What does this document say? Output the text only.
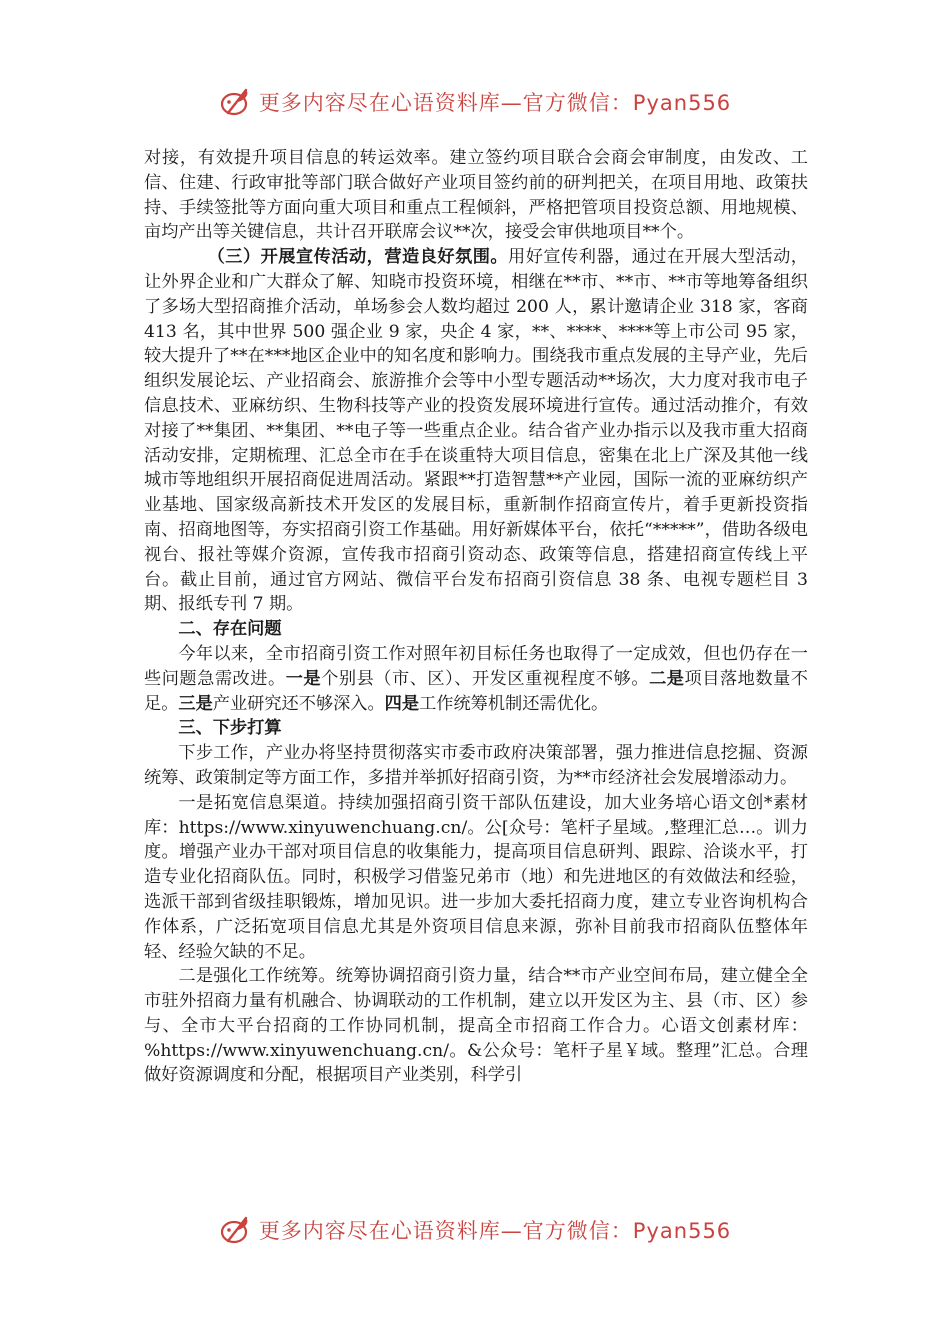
更多内容尽在心语资料库—官方微信：Pyan556

对接，有效提升项目信息的转运效率。建立签约项目联合会商会审制度，由发改、工信、住建、行政审批等部门联合做好产业项目签约前的研判把关，在项目用地、政策扶持、手续签批等方面向重大项目和重点工程倾斜，严格把管项目投资总额、用地规模、亩均产出等关键信息，共计召开联席会议**次，接受会审供地项目**个。

（三）开展宣传活动，营造良好氛围。用好宣传利器，通过在开展大型活动，让外界企业和广大群众了解、知晓市投资环境，相继在**市、**市、**市等地筹备组织了多场大型招商推介活动，单场参会人数均超过 200 人，累计邀请企业 318 家，客商 413 名，其中世界 500 强企业 9 家，央企 4 家，**、****、****等上市公司 95 家，较大提升了**在***地区企业中的知名度和影响力。围绕我市重点发展的主导产业，先后组织发展论坛、产业招商会、旅游推介会等中小型专题活动**场次，大力度对我市电子信息技术、亚麻纺织、生物科技等产业的投资发展环境进行宣传。通过活动推介，有效对接了**集团、**集团、**电子等一些重点企业。结合省产业办指示以及我市重大招商活动安排，定期梳理、汇总全市在手在谈重特大项目信息，密集在北上广深及其他一线城市等地组织开展招商促进周活动。紧跟**打造智慧**产业园，国际一流的亚麻纺织产业基地、国家级高新技术开发区的发展目标，重新制作招商宣传片，着手更新投资指南、招商地图等，夯实招商引资工作基础。用好新媒体平台，依托“*****”，借助各级电视台、报社等媒介资源，宣传我市招商引资动态、政策等信息，搭建招商宣传线上平台。截止目前，通过官方网站、微信平台发布招商引资信息 38 条、电视专题栏目 3 期、报纸专刊 7 期。

二、存在问题

今年以来，全市招商引资工作对照年初目标任务也取得了一定成效，但也仍存在一些问题急需改进。一是个别县（市、区）、开发区重视程度不够。二是项目落地数量不足。三是产业研究还不够深入。四是工作统筹机制还需优化。

三、下步打算

下步工作，产业办将坚持贯彻落实市委市政府决策部署，强力推进信息挖掘、资源统筹、政策制定等方面工作，多措并举抓好招商引资，为**市经济社会发展增添动力。

一是拓宽信息渠道。持续加强招商引资干部队伍建设，加大业务培心语文创*素材库：https://www.xinyuwenchuang.cn/。公[众号：笔杆子星域。,整理汇总…。训力度。增强产业办干部对项目信息的收集能力，提高项目信息研判、跟踪、洽谈水平，打造专业化招商队伍。同时，积极学习借鉴兄弟市（地）和先进地区的有效做法和经验，选派干部到省级挂职锻炼，增加见识。进一步加大委托招商力度，建立专业咨询机构合作体系，广泛拓宽项目信息尤其是外资项目信息来源，弥补目前我市招商队伍整体年轻、经验欠缺的不足。

二是强化工作统筹。统筹协调招商引资力量，结合**市产业空间布局，建立健全全市驻外招商力量有机融合、协调联动的工作机制，建立以开发区为主、县（市、区）参与、全市大平台招商的工作协同机制，提高全市招商工作合力。心语文创素材库：%https://www.xinyuwenchuang.cn/。&公众号：笔杆子星￥域。整理”汇总。合理做好资源调度和分配，根据项目产业类别，科学引

更多内容尽在心语资料库—官方微信：Pyan556
